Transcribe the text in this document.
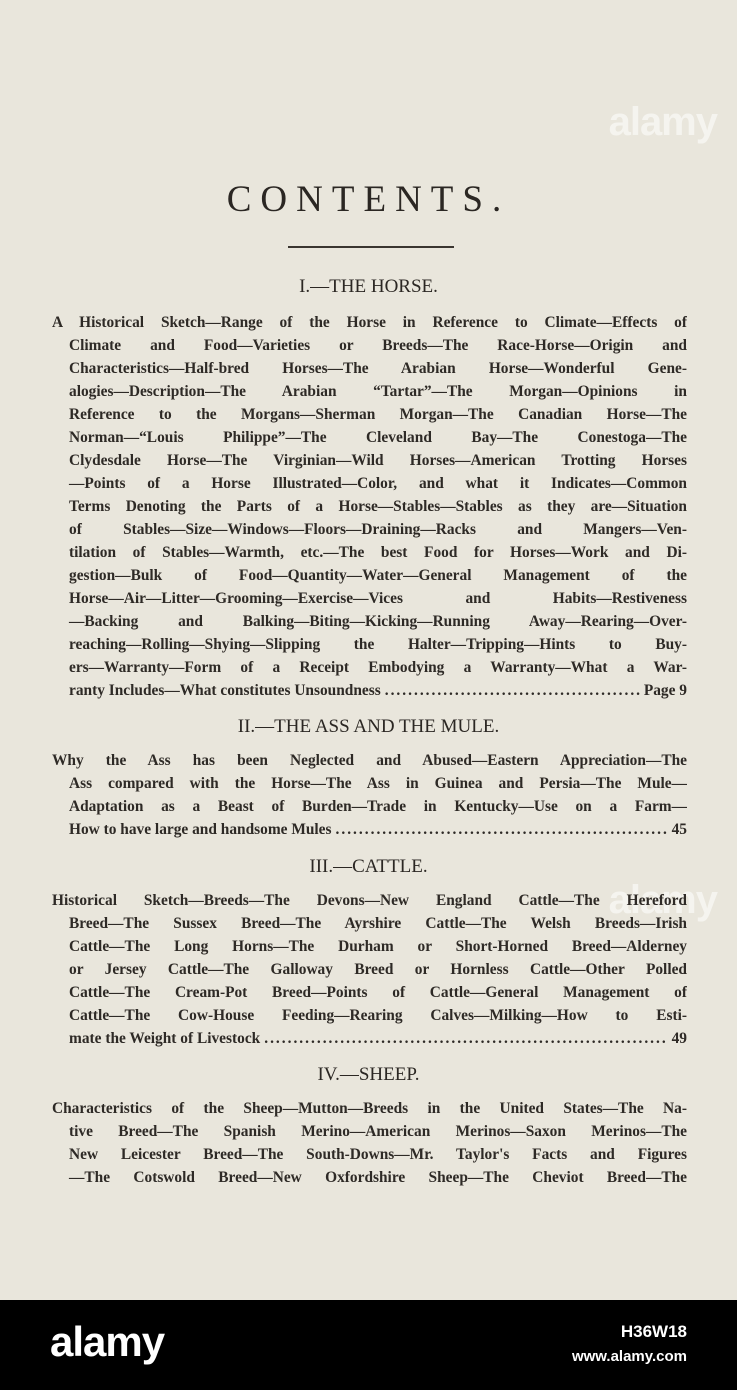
alamy
alamy
CONTENTS.
I.—THE HORSE.
A Historical Sketch—Range of the Horse in Reference to Climate—Effects of
Climate and Food—Varieties or Breeds—The Race-Horse—Origin and
Characteristics—Half-bred Horses—The Arabian Horse—Wonderful Gene-
alogies—Description—The Arabian “Tartar”—The Morgan—Opinions in
Reference to the Morgans—Sherman Morgan—The Canadian Horse—The
Norman—“Louis Philippe”—The Cleveland Bay—The Conestoga—The
Clydesdale Horse—The Virginian—Wild Horses—American Trotting Horses
—Points of a Horse Illustrated—Color, and what it Indicates—Common
Terms Denoting the Parts of a Horse—Stables—Stables as they are—Situation
of Stables—Size—Windows—Floors—Draining—Racks and Mangers—Ven-
tilation of Stables—Warmth, etc.—The best Food for Horses—Work and Di-
gestion—Bulk of Food—Quantity—Water—General Management of the
Horse—Air—Litter—Grooming—Exercise—Vices and Habits—Restiveness
—Backing and Balking—Biting—Kicking—Running Away—Rearing—Over-
reaching—Rolling—Shying—Slipping the Halter—Tripping—Hints to Buy-
ers—Warranty—Form of a Receipt Embodying a Warranty—What a War-
ranty Includes—What constitutes Unsoundness .....	Page 9
II.—THE ASS AND THE MULE.
Why the Ass has been Neglected and Abused—Eastern Appreciation—The
Ass compared with the Horse—The Ass in Guinea and Persia—The Mule—
Adaptation as a Beast of Burden—Trade in Kentucky—Use on a Farm—
How to have large and handsome Mules .....	45
III.—CATTLE.
Historical Sketch—Breeds—The Devons—New England Cattle—The Hereford
Breed—The Sussex Breed—The Ayrshire Cattle—The Welsh Breeds—Irish
Cattle—The Long Horns—The Durham or Short-Horned Breed—Alderney
or Jersey Cattle—The Galloway Breed or Hornless Cattle—Other Polled
Cattle—The Cream-Pot Breed—Points of Cattle—General Management of
Cattle—The Cow-House Feeding—Rearing Calves—Milking—How to Esti-
mate the Weight of Livestock .....	49
IV.—SHEEP.
Characteristics of the Sheep—Mutton—Breeds in the United States—The Na-
tive Breed—The Spanish Merino—American Merinos—Saxon Merinos—The
New Leicester Breed—The South-Downs—Mr. Taylor's Facts and Figures
—The Cotswold Breed—New Oxfordshire Sheep—The Cheviot Breed—The
alamy	H36W18
www.alamy.com
